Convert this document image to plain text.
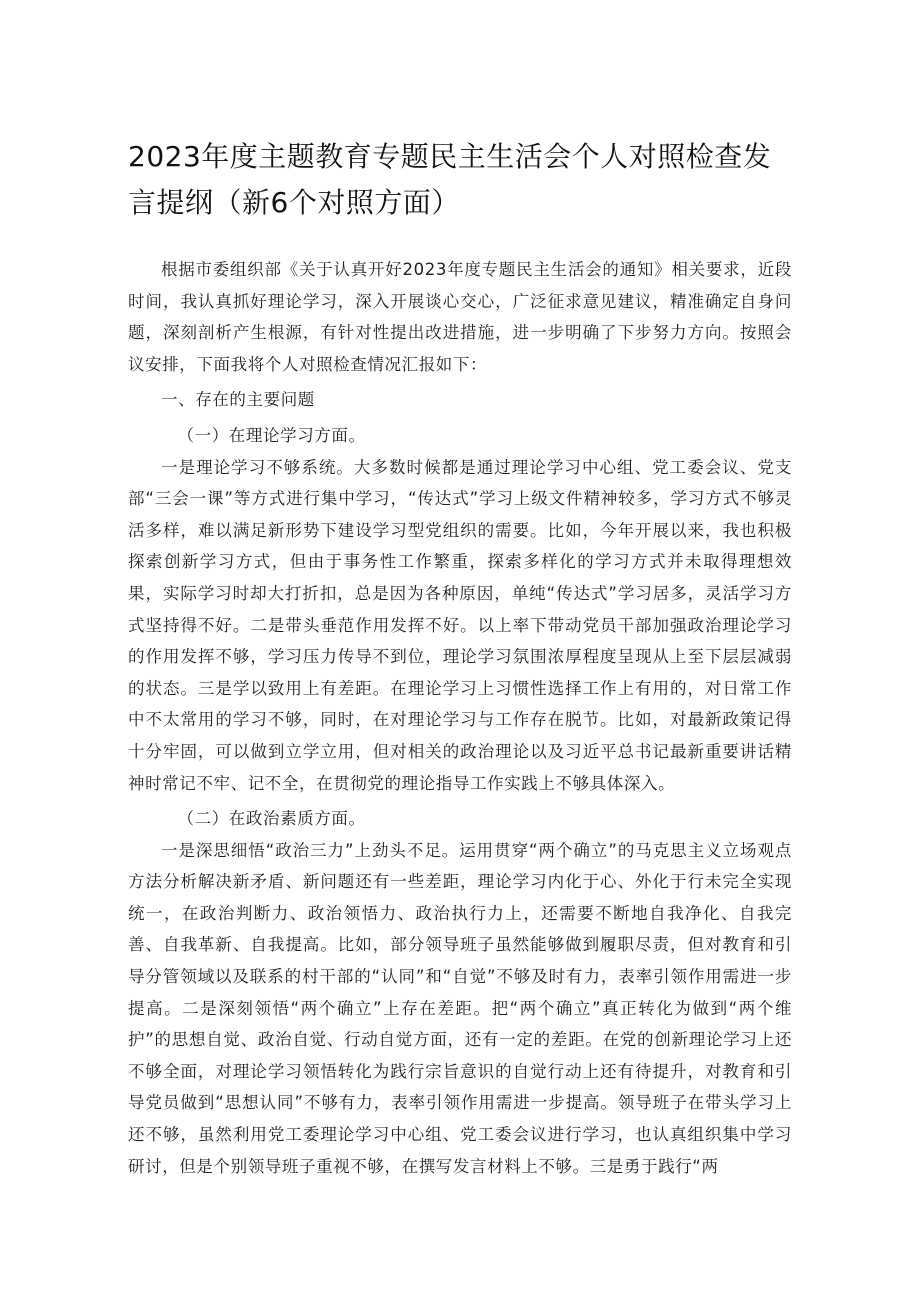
2023年度主题教育专题民主生活会个人对照检查发言提纲（新6个对照方面）

根据市委组织部《关于认真开好2023年度专题民主生活会的通知》相关要求，近段时间，我认真抓好理论学习，深入开展谈心交心，广泛征求意见建议，精准确定自身问题，深刻剖析产生根源，有针对性提出改进措施，进一步明确了下步努力方向。按照会议安排，下面我将个人对照检查情况汇报如下：

一、存在的主要问题

（一）在理论学习方面。

一是理论学习不够系统。大多数时候都是通过理论学习中心组、党工委会议、党支部“三会一课”等方式进行集中学习，“传达式”学习上级文件精神较多，学习方式不够灵活多样，难以满足新形势下建设学习型党组织的需要。比如，今年开展以来，我也积极探索创新学习方式，但由于事务性工作繁重，探索多样化的学习方式并未取得理想效果，实际学习时却大打折扣，总是因为各种原因，单纯“传达式”学习居多，灵活学习方式坚持得不好。二是带头垂范作用发挥不好。以上率下带动党员干部加强政治理论学习的作用发挥不够，学习压力传导不到位，理论学习氛围浓厚程度呈现从上至下层层减弱的状态。三是学以致用上有差距。在理论学习上习惯性选择工作上有用的，对日常工作中不太常用的学习不够，同时，在对理论学习与工作存在脱节。比如，对最新政策记得十分牢固，可以做到立学立用，但对相关的政治理论以及习近平总书记最新重要讲话精神时常记不牢、记不全，在贯彻党的理论指导工作实践上不够具体深入。

（二）在政治素质方面。

一是深思细悟“政治三力”上劲头不足。运用贯穿“两个确立”的马克思主义立场观点方法分析解决新矛盾、新问题还有一些差距，理论学习内化于心、外化于行未完全实现统一，在政治判断力、政治领悟力、政治执行力上，还需要不断地自我净化、自我完善、自我革新、自我提高。比如，部分领导班子虽然能够做到履职尽责，但对教育和引导分管领域以及联系的村干部的“认同”和“自觉”不够及时有力，表率引领作用需进一步提高。二是深刻领悟“两个确立”上存在差距。把“两个确立”真正转化为做到“两个维护”的思想自觉、政治自觉、行动自觉方面，还有一定的差距。在党的创新理论学习上还不够全面，对理论学习领悟转化为践行宗旨意识的自觉行动上还有待提升，对教育和引导党员做到“思想认同”不够有力，表率引领作用需进一步提高。领导班子在带头学习上还不够，虽然利用党工委理论学习中心组、党工委会议进行学习，也认真组织集中学习研讨，但是个别领导班子重视不够，在撰写发言材料上不够。三是勇于践行“两
